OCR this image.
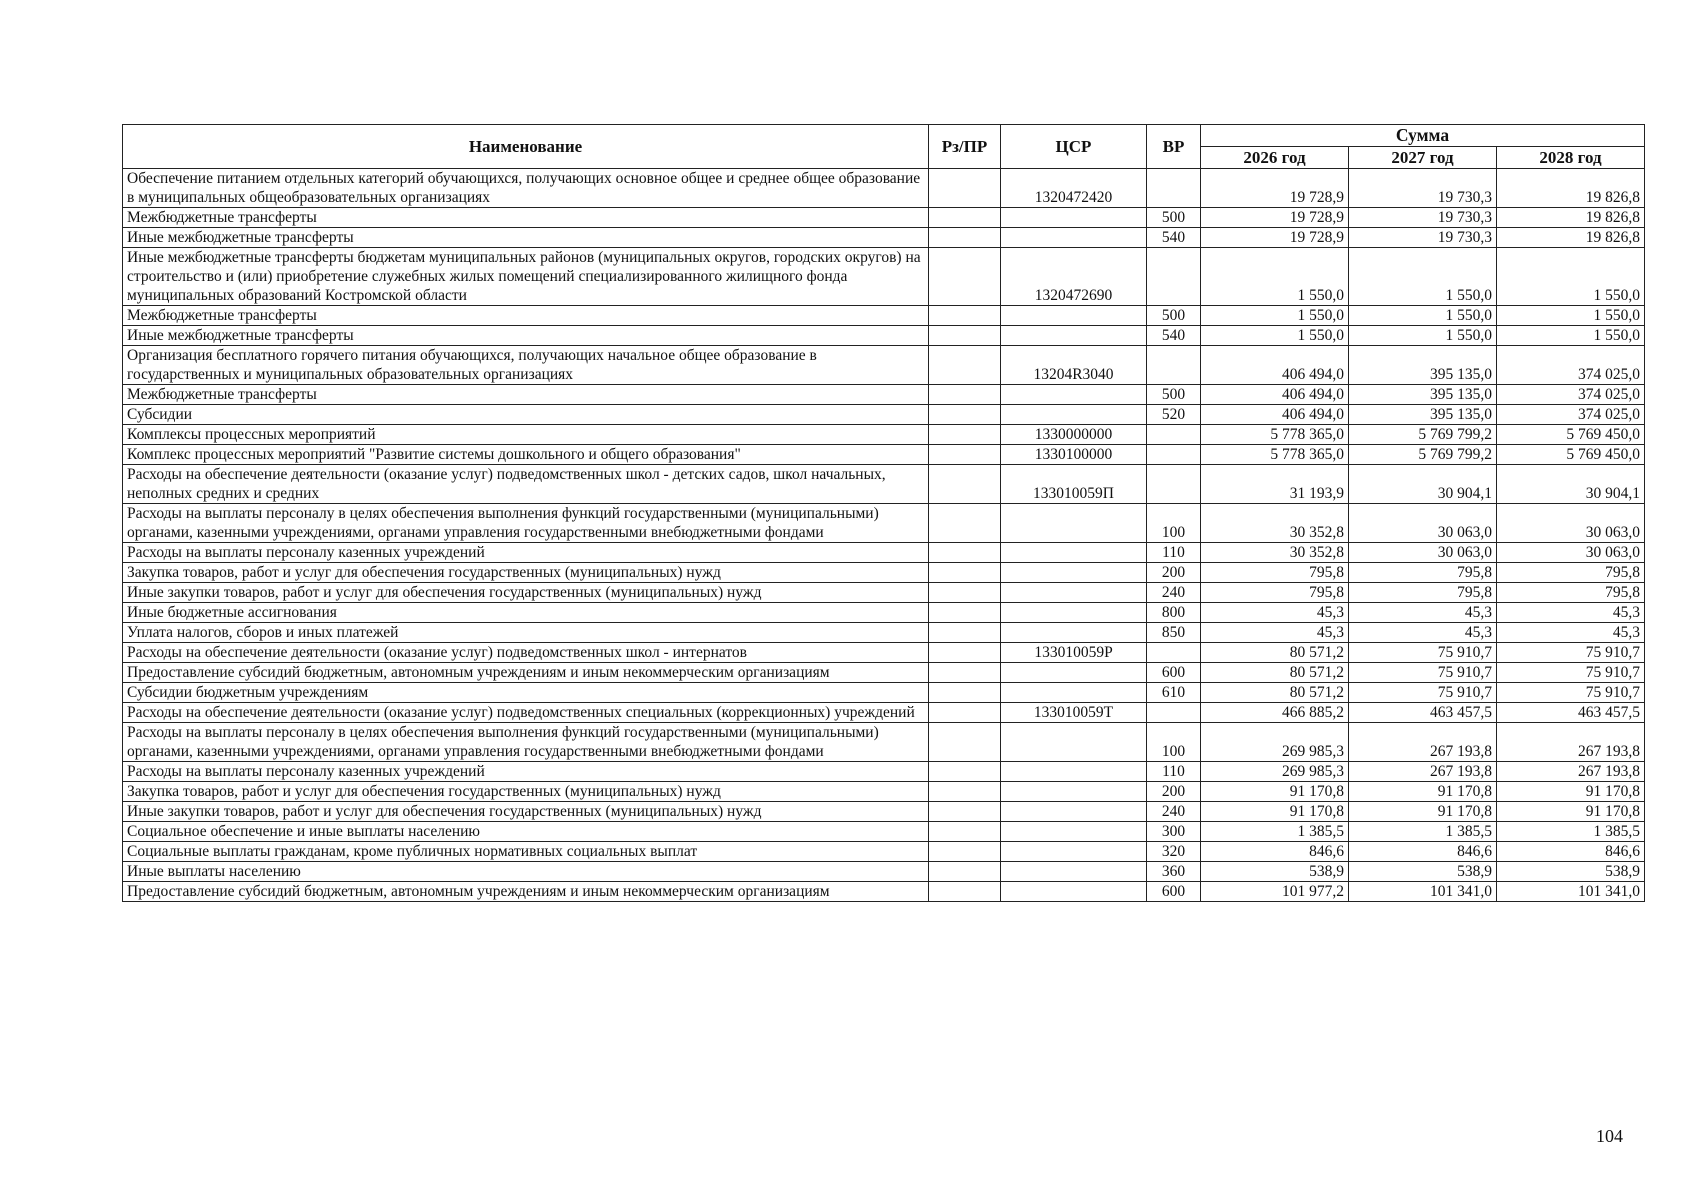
Наименование	Рз/ПР	ЦСР	ВР	Сумма		
				2026 год	2027 год	2028 год
Обеспечение питанием отдельных категорий обучающихся, получающих основное общее и среднее общее образование в муниципальных общеобразовательных организациях		1320472420		19 728,9	19 730,3	19 826,8
Межбюджетные трансферты			500	19 728,9	19 730,3	19 826,8
Иные межбюджетные трансферты			540	19 728,9	19 730,3	19 826,8
Иные межбюджетные трансферты бюджетам муниципальных районов (муниципальных округов, городских округов) на строительство и (или) приобретение служебных жилых помещений специализированного жилищного фонда муниципальных образований Костромской области		1320472690		1 550,0	1 550,0	1 550,0
Межбюджетные трансферты			500	1 550,0	1 550,0	1 550,0
Иные межбюджетные трансферты			540	1 550,0	1 550,0	1 550,0
Организация бесплатного горячего питания обучающихся, получающих начальное общее образование в государственных и муниципальных образовательных организациях		13204R3040		406 494,0	395 135,0	374 025,0
Межбюджетные трансферты			500	406 494,0	395 135,0	374 025,0
Субсидии			520	406 494,0	395 135,0	374 025,0
Комплексы процессных мероприятий		1330000000		5 778 365,0	5 769 799,2	5 769 450,0
Комплекс процессных мероприятий "Развитие системы дошкольного и общего образования"		1330100000		5 778 365,0	5 769 799,2	5 769 450,0
Расходы на обеспечение деятельности (оказание услуг) подведомственных школ - детских садов, школ начальных, неполных средних и средних		133010059П		31 193,9	30 904,1	30 904,1
Расходы на выплаты персоналу в целях обеспечения выполнения функций государственными (муниципальными) органами, казенными учреждениями, органами управления государственными внебюджетными фондами			100	30 352,8	30 063,0	30 063,0
Расходы на выплаты персоналу казенных учреждений			110	30 352,8	30 063,0	30 063,0
Закупка товаров, работ и услуг для обеспечения государственных (муниципальных) нужд			200	795,8	795,8	795,8
Иные закупки товаров, работ и услуг для обеспечения государственных (муниципальных) нужд			240	795,8	795,8	795,8
Иные бюджетные ассигнования			800	45,3	45,3	45,3
Уплата налогов, сборов и иных платежей			850	45,3	45,3	45,3
Расходы на обеспечение деятельности (оказание услуг) подведомственных школ - интернатов		133010059Р		80 571,2	75 910,7	75 910,7
Предоставление субсидий бюджетным, автономным учреждениям и иным некоммерческим организациям			600	80 571,2	75 910,7	75 910,7
Субсидии бюджетным учреждениям			610	80 571,2	75 910,7	75 910,7
Расходы на обеспечение деятельности (оказание услуг) подведомственных специальных (коррекционных) учреждений		133010059Т		466 885,2	463 457,5	463 457,5
Расходы на выплаты персоналу в целях обеспечения выполнения функций государственными (муниципальными) органами, казенными учреждениями, органами управления государственными внебюджетными фондами			100	269 985,3	267 193,8	267 193,8
Расходы на выплаты персоналу казенных учреждений			110	269 985,3	267 193,8	267 193,8
Закупка товаров, работ и услуг для обеспечения государственных (муниципальных) нужд			200	91 170,8	91 170,8	91 170,8
Иные закупки товаров, работ и услуг для обеспечения государственных (муниципальных) нужд			240	91 170,8	91 170,8	91 170,8
Социальное обеспечение и иные выплаты населению			300	1 385,5	1 385,5	1 385,5
Социальные выплаты гражданам, кроме публичных нормативных социальных выплат			320	846,6	846,6	846,6
Иные выплаты населению			360	538,9	538,9	538,9
Предоставление субсидий бюджетным, автономным учреждениям и иным некоммерческим организациям			600	101 977,2	101 341,0	101 341,0
104
